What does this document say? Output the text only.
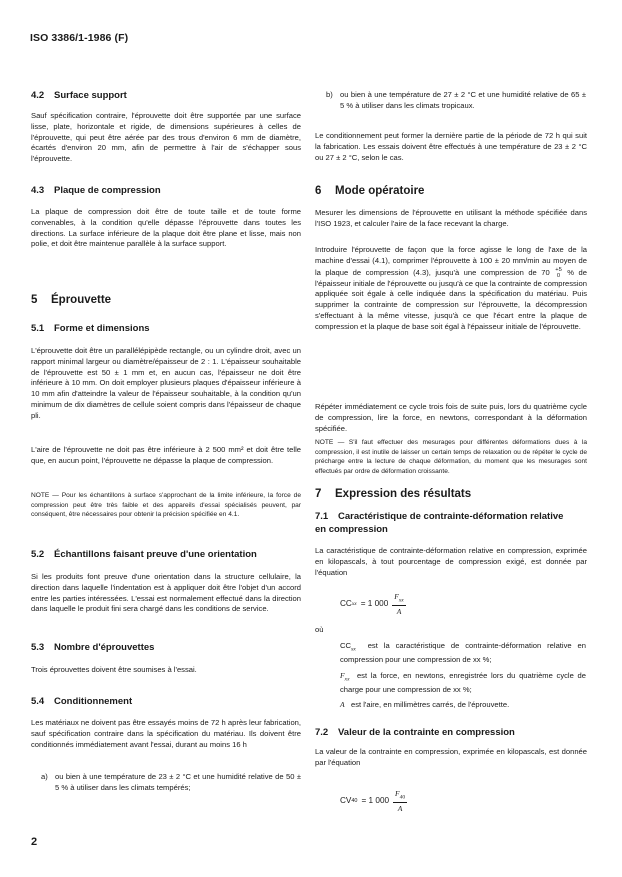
ISO 3386/1-1986 (F)
4.2 Surface support

Sauf spécification contraire, l'éprouvette doit être supportée par une surface lisse, plate, horizontale et rigide, de dimensions supérieures à celles de l'éprouvette, qui peut être aérée par des trous d'environ 6 mm de diamètre, écartés d'environ 20 mm, afin de permettre à l'air de s'échapper sous l'éprouvette.

4.3 Plaque de compression

La plaque de compression doit être de toute taille et de toute forme convenables, à la condition qu'elle dépasse l'éprouvette dans toutes les directions. La surface inférieure de la plaque doit être plane et lisse, mais non polie, et doit être maintenue parallèle à la surface support.

5 Éprouvette
5.1 Forme et dimensions

L'éprouvette doit être un parallélépipède rectangle, ou un cylindre droit, avec un rapport minimal largeur ou diamètre/épaisseur de 2 : 1. L'épaisseur souhaitable de l'éprouvette est 50 ± 1 mm et, en aucun cas, l'épaisseur ne doit être inférieure à 10 mm. On doit employer plusieurs plaques d'épaisseur inférieure à 10 mm afin d'atteindre la valeur de l'épaisseur souhaitable, à la condition qu'un minimum de dix diamètres de cellule soient compris dans l'épaisseur de chaque pli.

L'aire de l'éprouvette ne doit pas être inférieure à 2 500 mm² et doit être telle que, en aucun point, l'éprouvette ne dépasse la plaque de compression.

NOTE — Pour les échantillons à surface s'approchant de la limite inférieure, la force de compression peut être très faible et des appareils d'essai spécialisés peuvent, par conséquent, être nécessaires pour obtenir la précision spécifiée en 4.1.

5.2 Échantillons faisant preuve d'une orientation

Si les produits font preuve d'une orientation dans la structure cellulaire, la direction dans laquelle l'indentation est à appliquer doit être l'objet d'un accord entre les parties intéressées. L'essai est normalement effectué dans la direction dans laquelle le produit fini sera chargé dans les conditions de service.

5.3 Nombre d'éprouvettes

Trois éprouvettes doivent être soumises à l'essai.

5.4 Conditionnement

Les matériaux ne doivent pas être essayés moins de 72 h après leur fabrication, sauf spécification contraire dans la spécification du matériau. Ils doivent être conditionnés immédiatement avant l'essai, durant au moins 16 h

a) ou bien à une température de 23 ± 2 °C et une humidité relative de 50 ± 5 % à utiliser dans les climats tempérés;
b) ou bien à une température de 27 ± 2 °C et une humidité relative de 65 ± 5 % à utiliser dans les climats tropicaux.

Le conditionnement peut former la dernière partie de la période de 72 h qui suit la fabrication. Les essais doivent être effectués à une température de 23 ± 2 °C ou 27 ± 2 °C, selon le cas.

6 Mode opératoire

Mesurer les dimensions de l'éprouvette en utilisant la méthode spécifiée dans l'ISO 1923, et calculer l'aire de la face recevant la charge.

Introduire l'éprouvette de façon que la force agisse le long de l'axe de la machine d'essai (4.1), comprimer l'éprouvette à 100 ± 20 mm/min au moyen de la plaque de compression (4.3), jusqu'à une compression de 70 +5
0 % de l'épaisseur initiale de l'éprouvette ou jusqu'à ce que la contrainte de compression appliquée soit égale à celle indiquée dans la spécification du matériau. Puis supprimer la contrainte de compression sur l'éprouvette, la décompression s'effectuant à la même vitesse, jusqu'à ce que l'écart entre la plaque de compression et la plaque de base soit égal à l'épaisseur initiale de l'éprouvette.

Répéter immédiatement ce cycle trois fois de suite puis, lors du quatrième cycle de compression, lire la force, en newtons, correspondant à la déformation spécifiée.

NOTE — S'il faut effectuer des mesurages pour différentes déformations dues à la compression, il est inutile de laisser un certain temps de relaxation ou de répéter le cycle de précharge entre la lecture de chaque déformation, du moment que les mesurages sont effectués par ordre de déformation croissante.

7 Expression des résultats
7.1 Caractéristique de contrainte-déformation relative en compression

La caractéristique de contrainte-déformation relative en compression, exprimée en kilopascals, à tout pourcentage de compression exigé, est donnée par l'équation

CC xx = 1 $000 \frac{F_{xx}}{A}$
où
$CC_{xx}$ est la caractéristique de contrainte-déformation relative en compression pour une compression de xx %;
$F_{xx}$ est la force, en newtons, enregistrée lors du quatrième cycle de charge pour une compression de xx %;
A est l'aire, en millimètres carrés, de l'éprouvette.
7.2 Valeur de la contrainte en compression

La valeur de la contrainte en compression, exprimée en kilopascals, est donnée par l'équation

CV 40 = 1 $000 \frac{F_{40}}{A}$
2
